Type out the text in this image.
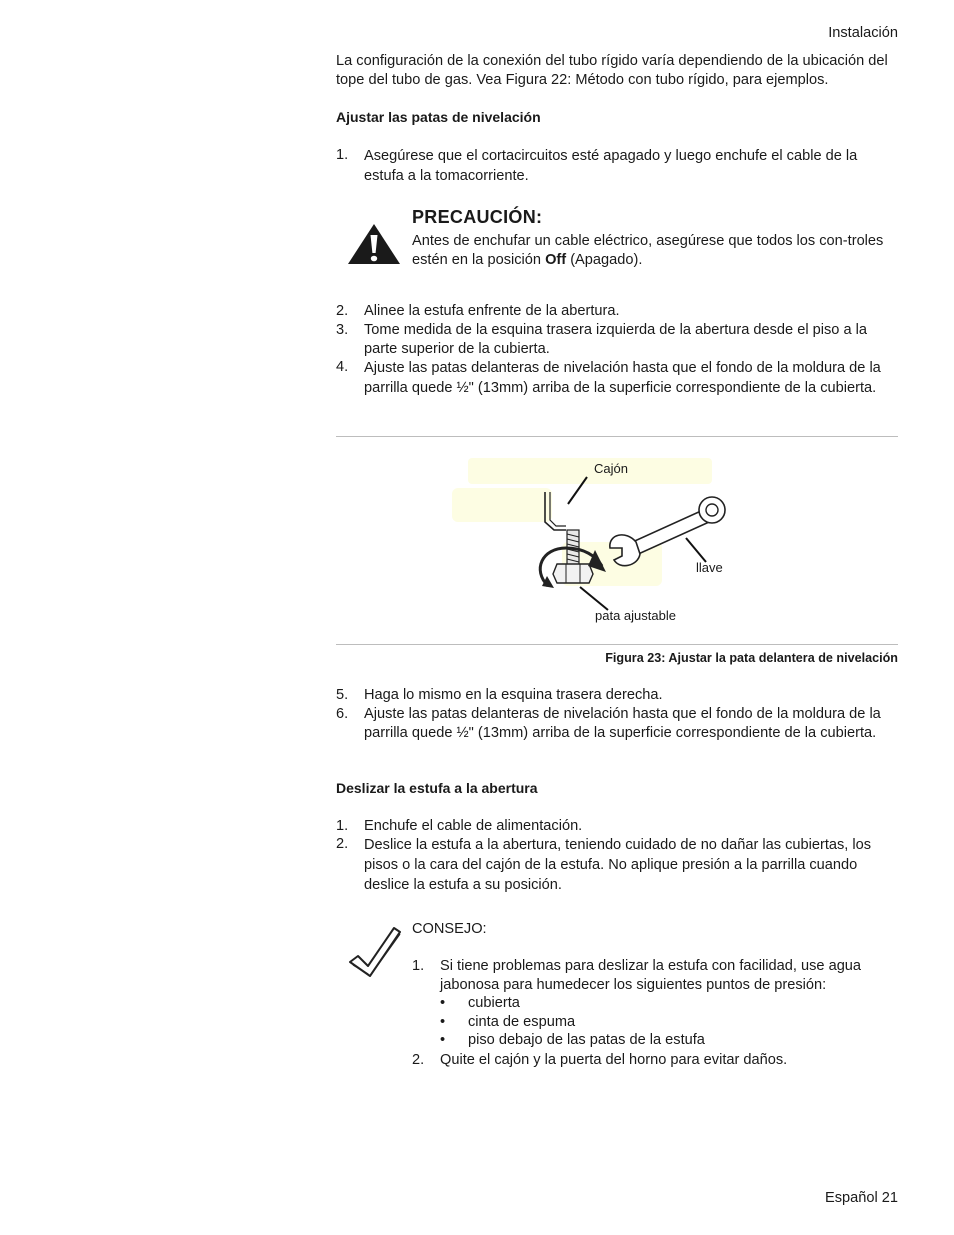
Instalación
La configuración de la conexión del tubo rígido varía dependiendo de la ubicación del tope del tubo de gas. Vea Figura 22: Método con tubo rígido, para ejemplos.
Ajustar las patas de nivelación
1. Asegúrese que el cortacircuitos esté apagado y luego enchufe el cable de la estufa a la tomacorriente.
PRECAUCIÓN:
Antes de enchufar un cable eléctrico, asegúrese que todos los con-troles estén en la posición Off (Apagado).
2. Alinee la estufa enfrente de la abertura.
3. Tome medida de la esquina trasera izquierda de la abertura desde el piso a la parte superior de la cubierta.
4. Ajuste las patas delanteras de nivelación hasta que el fondo de la moldura de la parrilla quede ½" (13mm) arriba de la superficie correspondiente de la cubierta.
Cajón
llave
pata ajustable
Figura 23: Ajustar la pata delantera de nivelación
5. Haga lo mismo en la esquina trasera derecha.
6. Ajuste las patas delanteras de nivelación hasta que el fondo de la moldura de la parrilla quede ½" (13mm) arriba de la superficie correspondiente de la cubierta.
Deslizar la estufa a la abertura
1. Enchufe el cable de alimentación.
2. Deslice la estufa a la abertura, teniendo cuidado de no dañar las cubiertas, los pisos o la cara del cajón de la estufa. No aplique presión a la parrilla cuando deslice la estufa a su posición.
CONSEJO:
1. Si tiene problemas para deslizar la estufa con facilidad, use agua jabonosa para humedecer los siguientes puntos de presión:
• cubierta
• cinta de espuma
• piso debajo de las patas de la estufa
2. Quite el cajón y la puerta del horno para evitar daños.
Español 21
